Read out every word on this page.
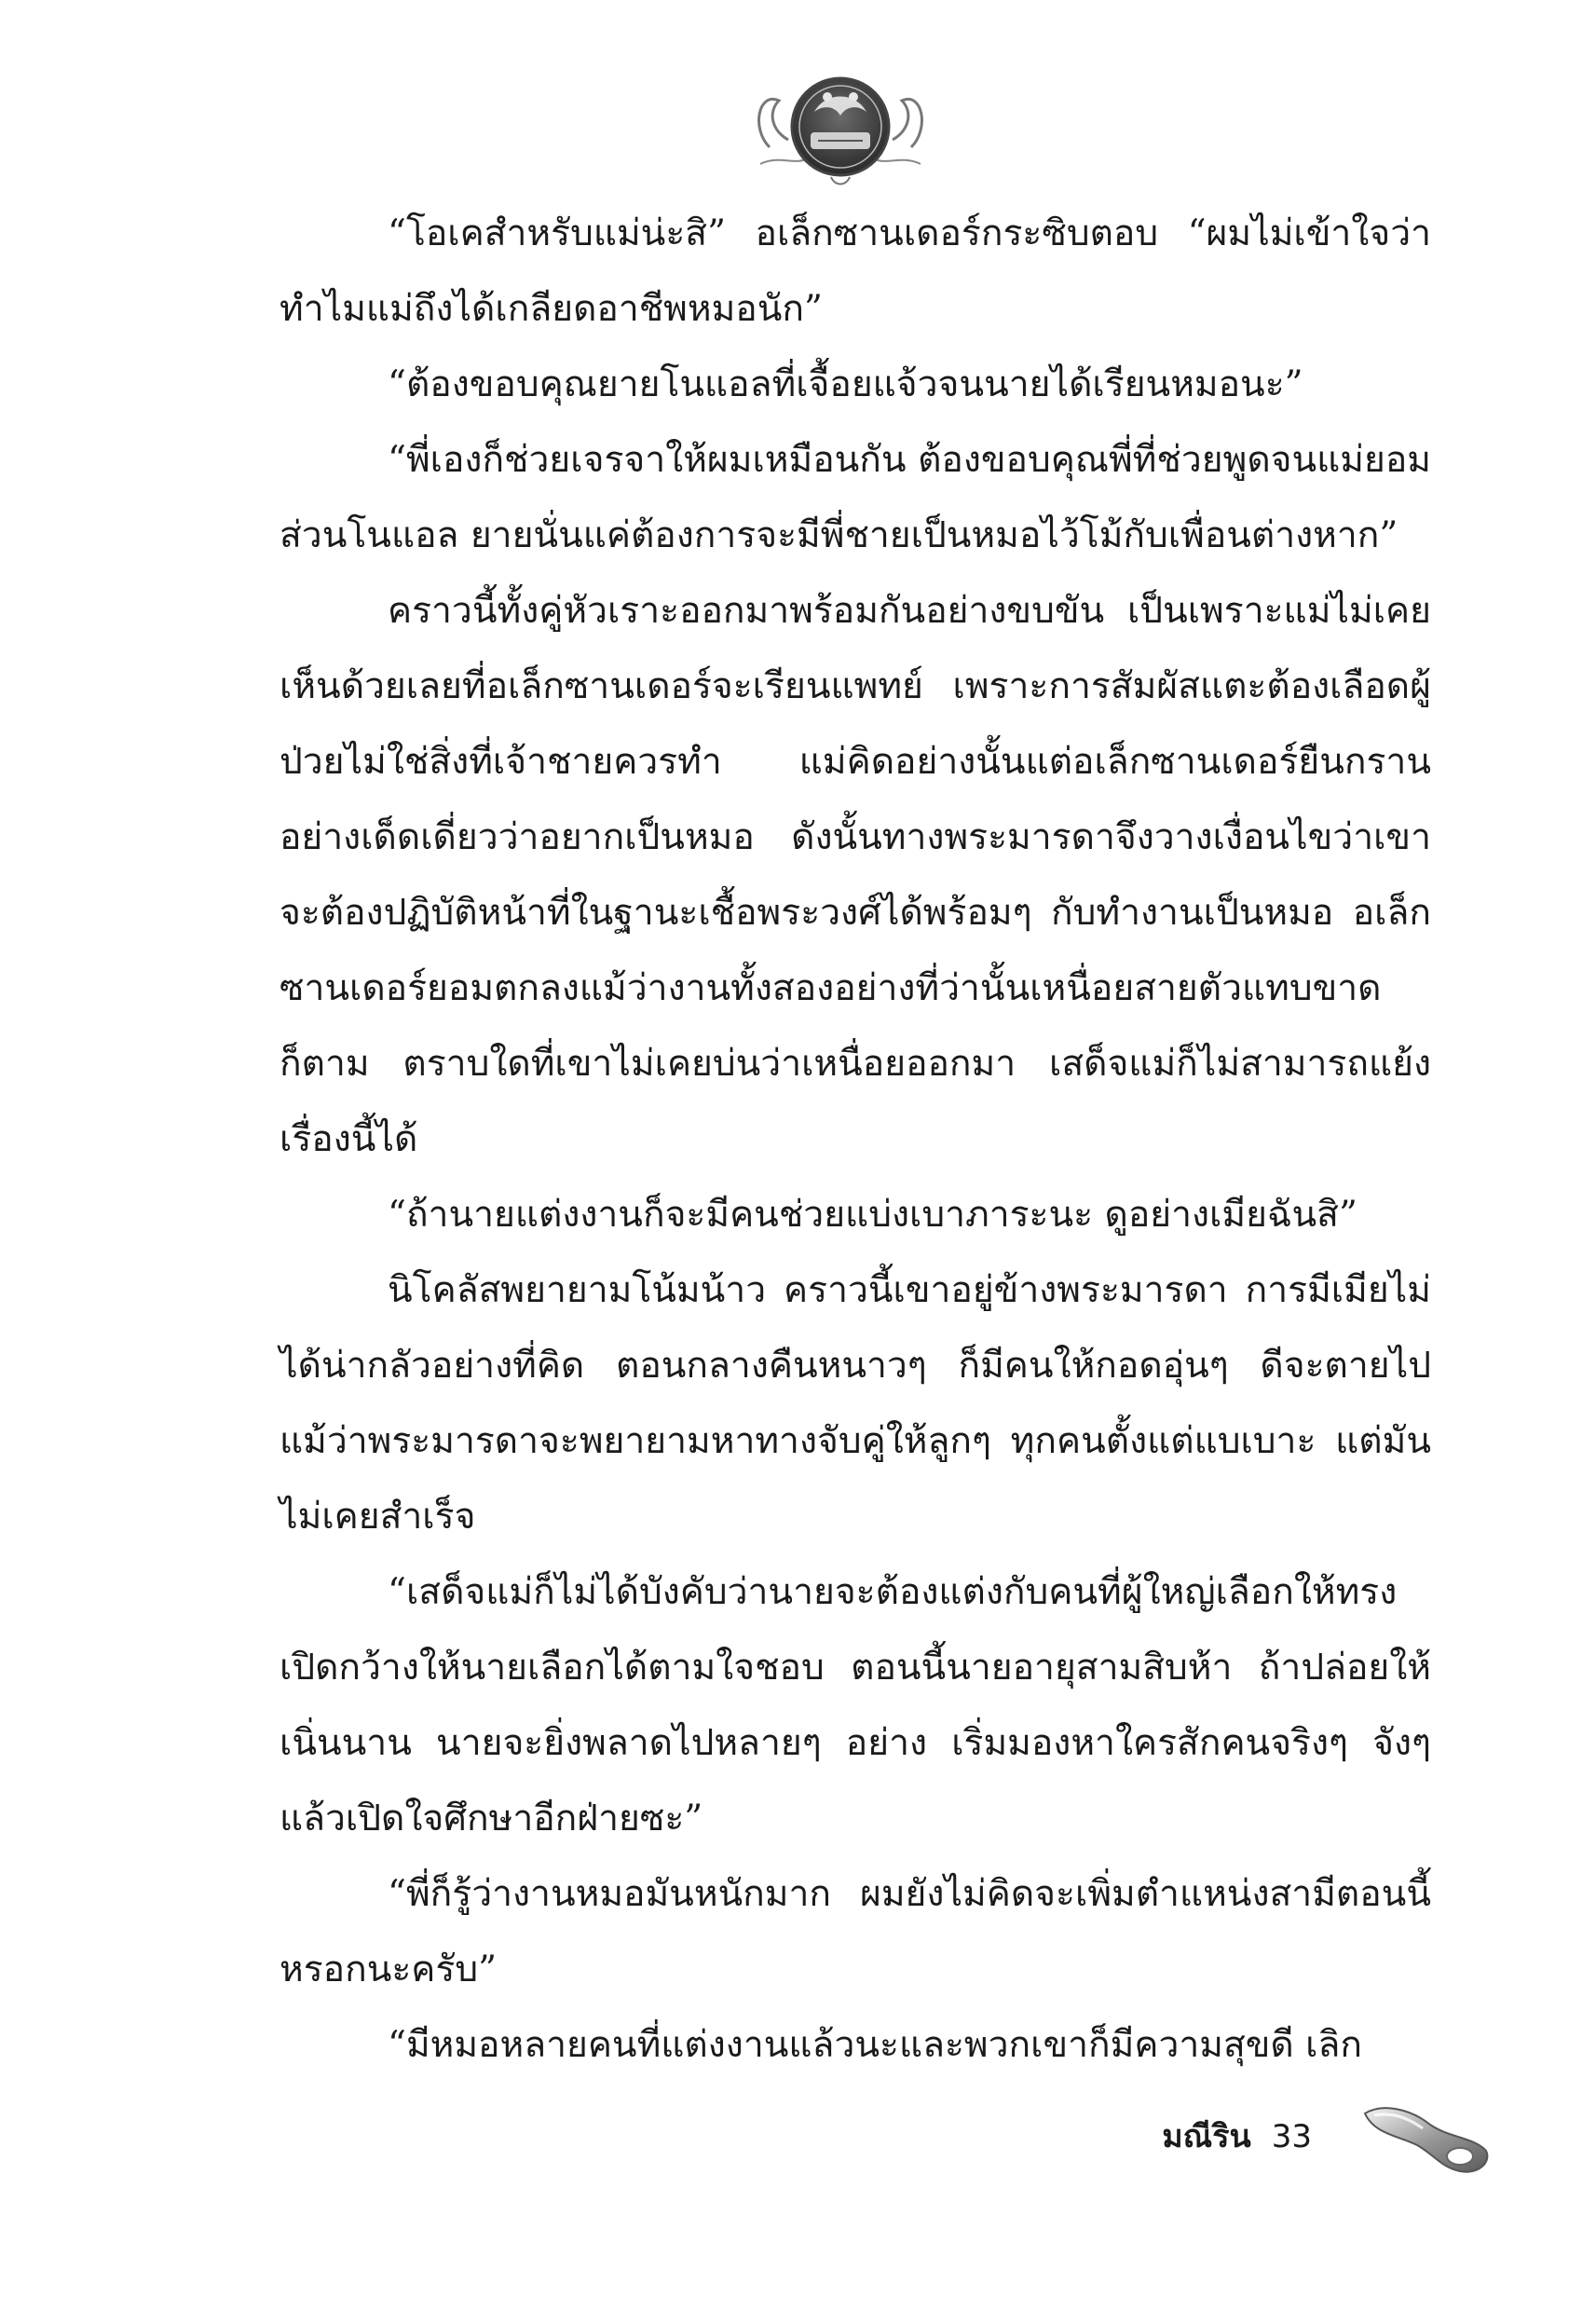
“โอเคสำหรับแม่น่ะสิ” อเล็กซานเดอร์กระซิบตอบ “ผมไม่เข้าใจว่าทำไมแม่ถึงได้เกลียดอาชีพหมอนัก”

“ต้องขอบคุณยายโนแอลที่เจื้อยแจ้วจนนายได้เรียนหมอนะ”

“พี่เองก็ช่วยเจรจาให้ผมเหมือนกัน ต้องขอบคุณพี่ที่ช่วยพูดจนแม่ยอม ส่วนโนแอล ยายนั่นแค่ต้องการจะมีพี่ชายเป็นหมอไว้โม้กับเพื่อนต่างหาก”

คราวนี้ทั้งคู่หัวเราะออกมาพร้อมกันอย่างขบขัน เป็นเพราะแม่ไม่เคยเห็นด้วยเลยที่อเล็กซานเดอร์จะเรียนแพทย์ เพราะการสัมผัสแตะต้องเลือดผู้ป่วยไม่ใช่สิ่งที่เจ้าชายควรทำ แม่คิดอย่างนั้นแต่อเล็กซานเดอร์ยืนกรานอย่างเด็ดเดี่ยวว่าอยากเป็นหมอ ดังนั้นทางพระมารดาจึงวางเงื่อนไขว่าเขาจะต้องปฏิบัติหน้าที่ในฐานะเชื้อพระวงศ์ได้พร้อมๆ กับทำงานเป็นหมอ อเล็กซานเดอร์ยอมตกลงแม้ว่างานทั้งสองอย่างที่ว่านั้นเหนื่อยสายตัวแทบขาดก็ตาม ตราบใดที่เขาไม่เคยบ่นว่าเหนื่อยออกมา เสด็จแม่ก็ไม่สามารถแย้งเรื่องนี้ได้

“ถ้านายแต่งงานก็จะมีคนช่วยแบ่งเบาภาระนะ ดูอย่างเมียฉันสิ”

นิโคลัสพยายามโน้มน้าว คราวนี้เขาอยู่ข้างพระมารดา การมีเมียไม่ได้น่ากลัวอย่างที่คิด ตอนกลางคืนหนาวๆ ก็มีคนให้กอดอุ่นๆ ดีจะตายไป แม้ว่าพระมารดาจะพยายามหาทางจับคู่ให้ลูกๆ ทุกคนตั้งแต่แบเบาะ แต่มันไม่เคยสำเร็จ

“เสด็จแม่ก็ไม่ได้บังคับว่านายจะต้องแต่งกับคนที่ผู้ใหญ่เลือกให้ทรงเปิดกว้างให้นายเลือกได้ตามใจชอบ ตอนนี้นายอายุสามสิบห้า ถ้าปล่อยให้เนิ่นนาน นายจะยิ่งพลาดไปหลายๆ อย่าง เริ่มมองหาใครสักคนจริงๆ จังๆ แล้วเปิดใจศึกษาอีกฝ่ายซะ”

“พี่ก็รู้ว่างานหมอมันหนักมาก ผมยังไม่คิดจะเพิ่มตำแหน่งสามีตอนนี้หรอกนะครับ”

“มีหมอหลายคนที่แต่งงานแล้วนะและพวกเขาก็มีความสุขดี เลิก

มณีริน 33
